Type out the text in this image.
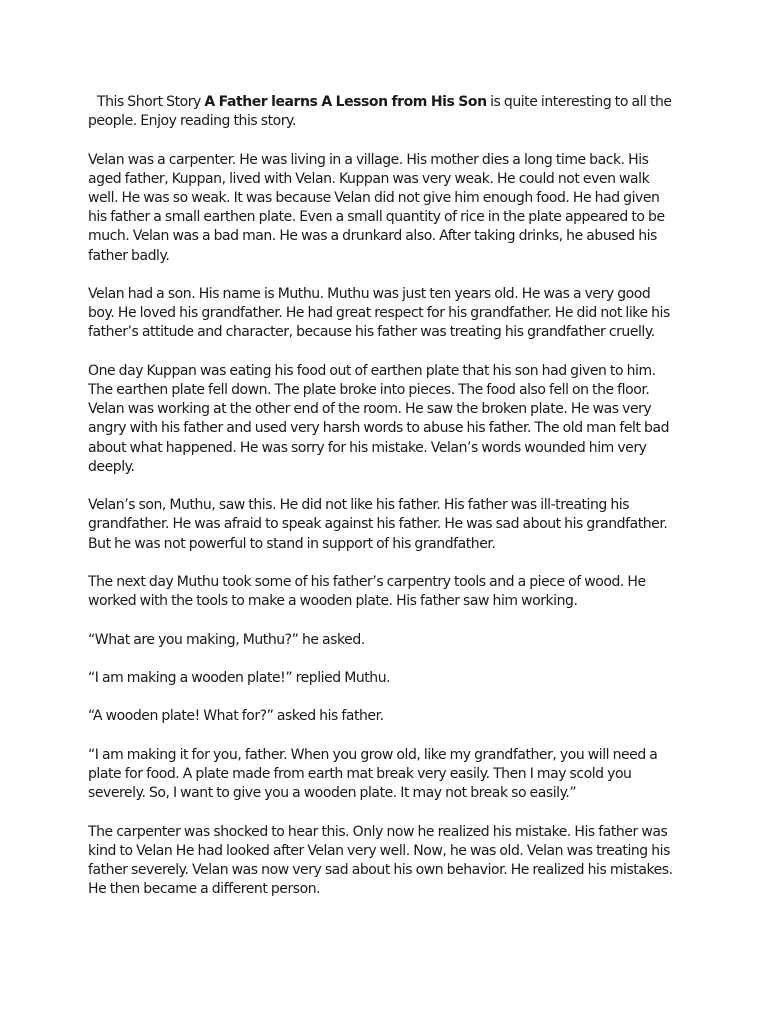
This Short Story A Father learns A Lesson from His Son is quite interesting to all the people. Enjoy reading this story.

Velan was a carpenter. He was living in a village. His mother dies a long time back. His aged father, Kuppan, lived with Velan. Kuppan was very weak. He could not even walk well. He was so weak. It was because Velan did not give him enough food. He had given his father a small earthen plate. Even a small quantity of rice in the plate appeared to be much. Velan was a bad man. He was a drunkard also. After taking drinks, he abused his father badly.

Velan had a son. His name is Muthu. Muthu was just ten years old. He was a very good boy. He loved his grandfather. He had great respect for his grandfather. He did not like his father’s attitude and character, because his father was treating his grandfather cruelly.

One day Kuppan was eating his food out of earthen plate that his son had given to him. The earthen plate fell down. The plate broke into pieces. The food also fell on the floor. Velan was working at the other end of the room. He saw the broken plate. He was very angry with his father and used very harsh words to abuse his father. The old man felt bad about what happened. He was sorry for his mistake. Velan’s words wounded him very deeply.

Velan’s son, Muthu, saw this. He did not like his father. His father was ill-treating his grandfather. He was afraid to speak against his father. He was sad about his grandfather. But he was not powerful to stand in support of his grandfather.

The next day Muthu took some of his father’s carpentry tools and a piece of wood. He worked with the tools to make a wooden plate. His father saw him working.

“What are you making, Muthu?” he asked.

“I am making a wooden plate!” replied Muthu.

“A wooden plate! What for?” asked his father.

“I am making it for you, father. When you grow old, like my grandfather, you will need a plate for food. A plate made from earth mat break very easily. Then I may scold you severely. So, I want to give you a wooden plate. It may not break so easily.”

The carpenter was shocked to hear this. Only now he realized his mistake. His father was kind to Velan He had looked after Velan very well. Now, he was old. Velan was treating his father severely. Velan was now very sad about his own behavior. He realized his mistakes. He then became a different person.
